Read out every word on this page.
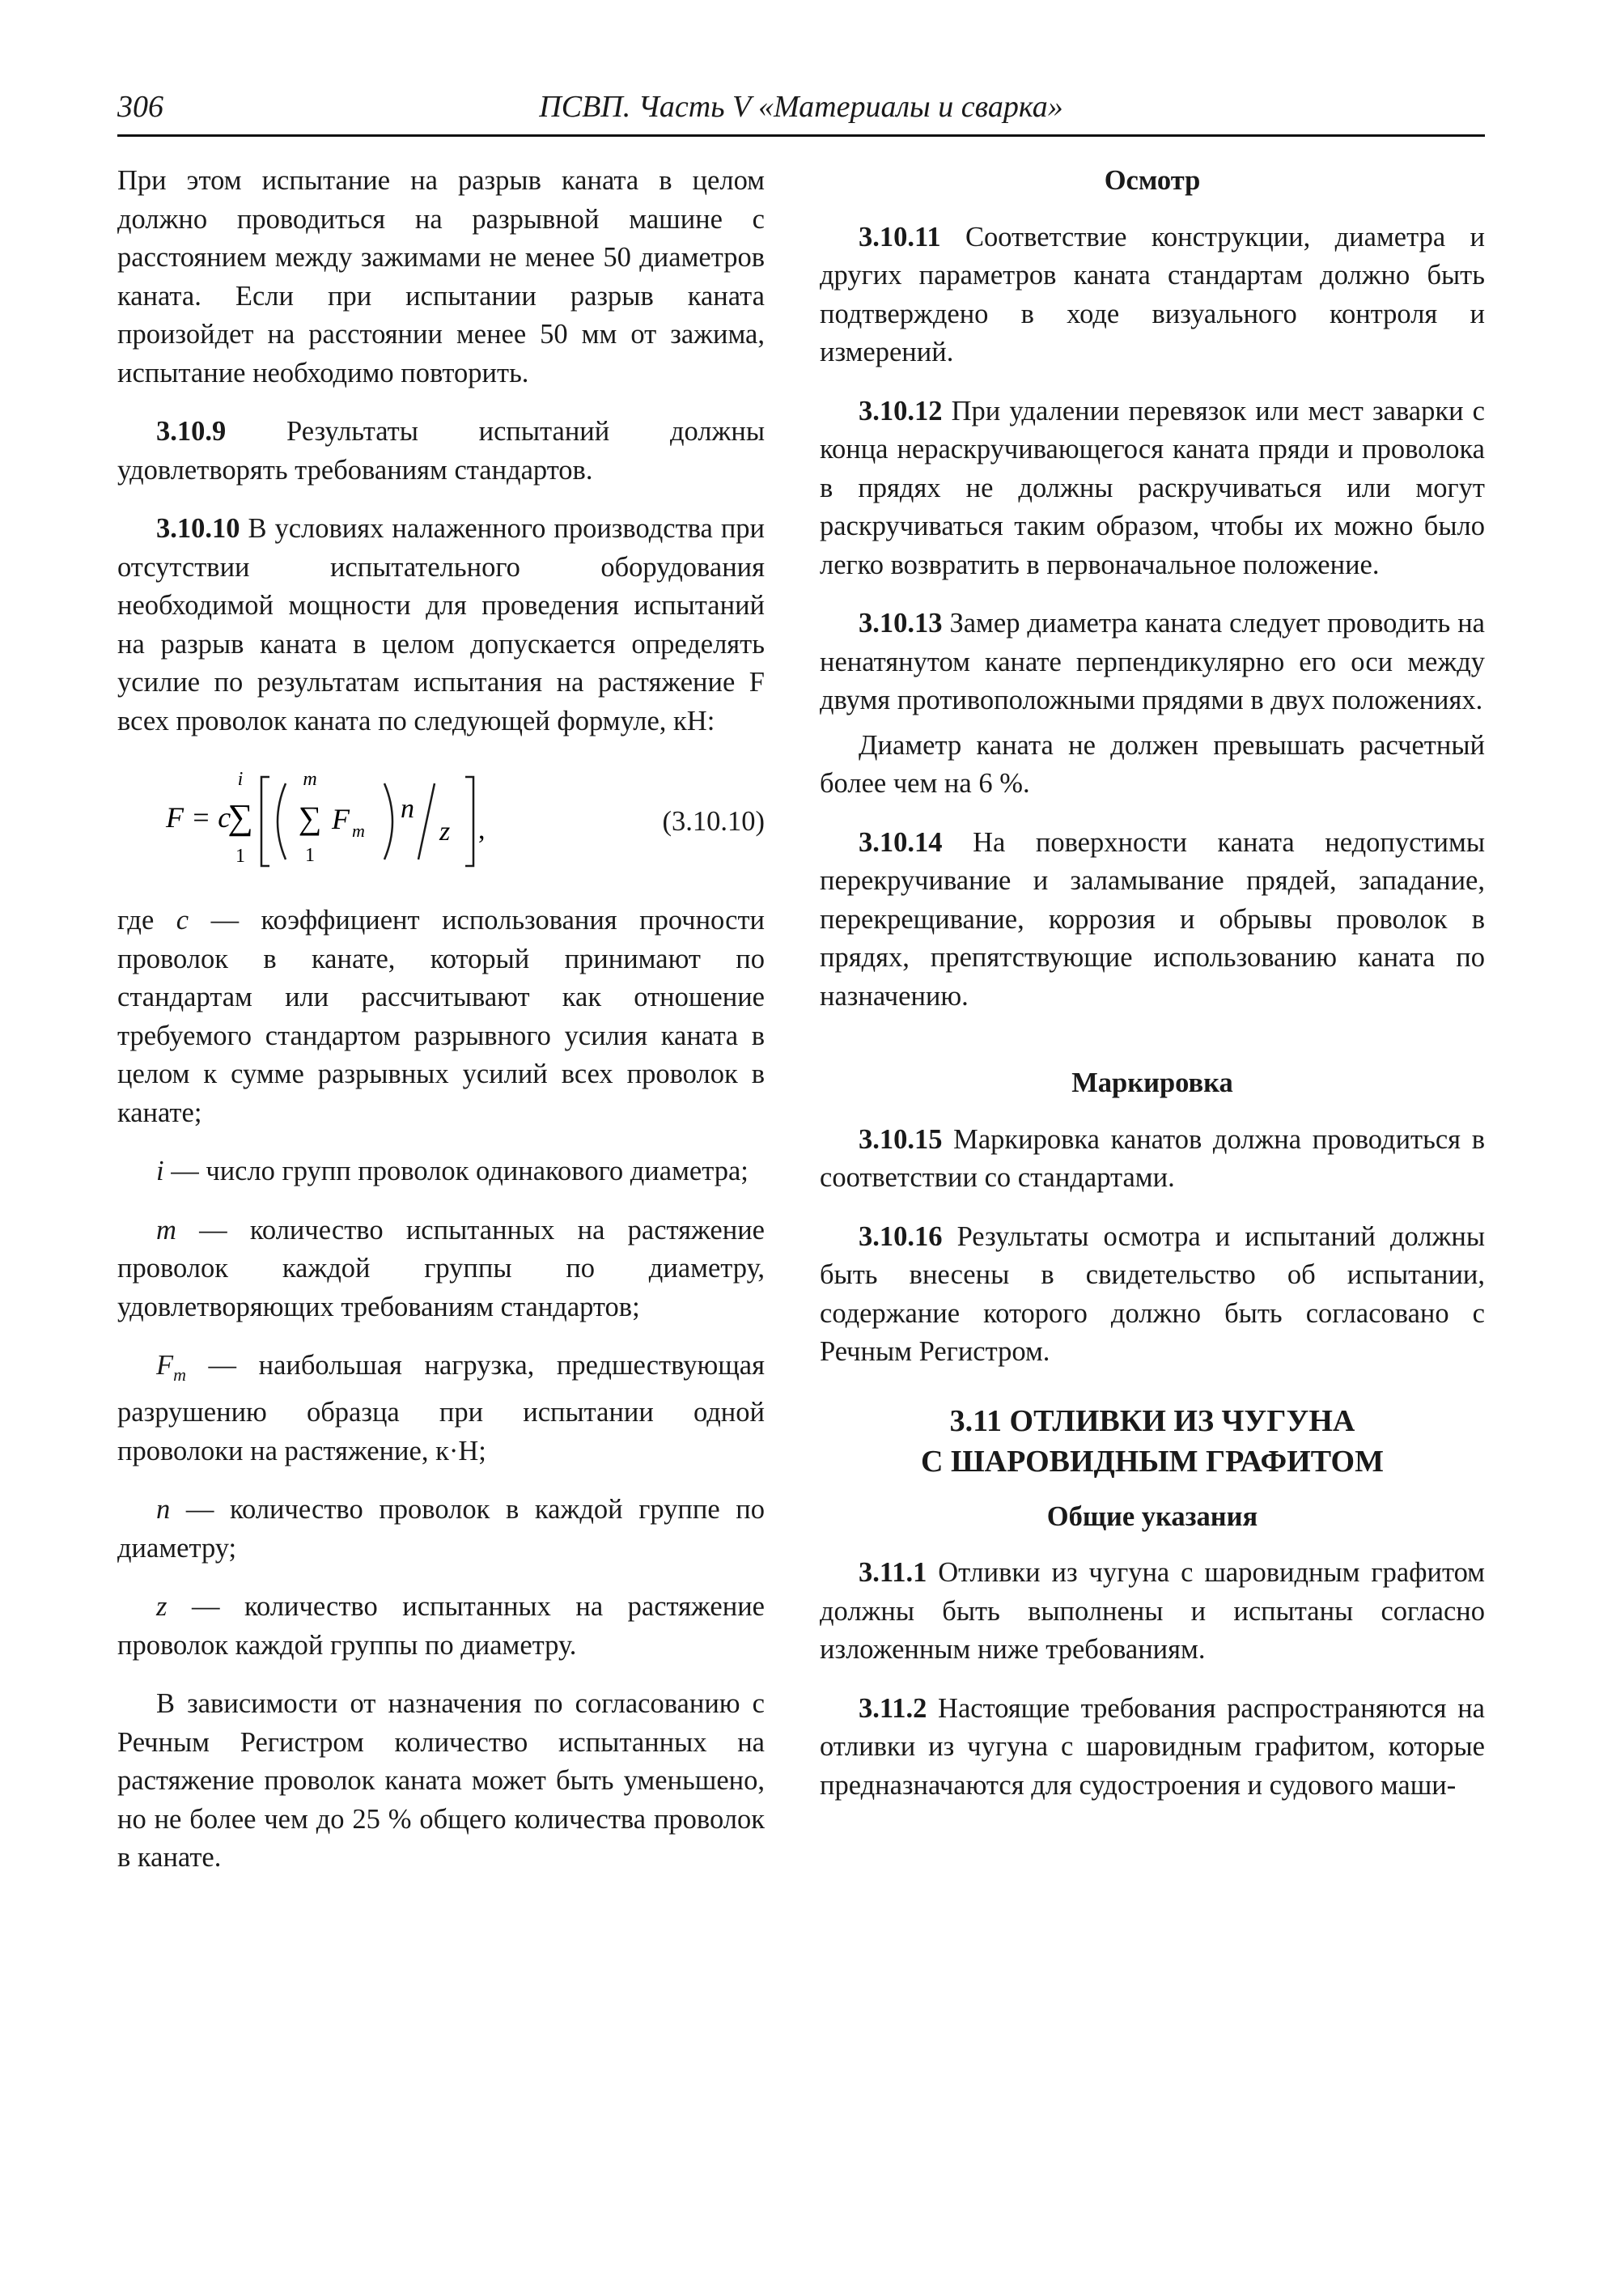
306	ПСВП. Часть V «Материалы и сварка»

При этом испытание на разрыв каната в целом должно проводиться на разрывной машине с расстоянием между зажимами не менее 50 диаметров каната. Если при испытании разрыв каната произойдет на расстоянии менее 50 мм от зажима, испытание необходимо повторить.

3.10.9 Результаты испытаний должны удовлетворять требованиям стандартов.

3.10.10 В условиях налаженного производства при отсутствии испытательного оборудования необходимой мощности для проведения испытаний на разрыв каната в целом допускается определять усилие по результатам испытания на растяжение F всех проволок каната по следующей формуле, кН:

F = c
i
∑
1
m
∑
1
F m
n
z ,	(3.10.10)

где c — коэффициент использования прочности проволок в канате, который принимают по стандартам или рассчитывают как отношение требуемого стандартом разрывного усилия каната в целом к сумме разрывных усилий всех проволок в канате;

i — число групп проволок одинакового диаметра;

m — количество испытанных на растяжение проволок каждой группы по диаметру, удовлетворяющих требованиям стандартов;

$F_m$ — наибольшая нагрузка, предшествующая разрушению образца при испытании одной проволоки на растяжение, к·Н;

n — количество проволок в каждой группе по диаметру;

z — количество испытанных на растяжение проволок каждой группы по диаметру.

В зависимости от назначения по согласованию с Речным Регистром количество испытанных на растяжение проволок каната может быть уменьшено, но не более чем до 25 % общего количества проволок в канате.

Осмотр

3.10.11 Соответствие конструкции, диаметра и других параметров каната стандартам должно быть подтверждено в ходе визуального контроля и измерений.

3.10.12 При удалении перевязок или мест заварки с конца нераскручивающегося каната пряди и проволока в прядях не должны раскручиваться или могут раскручиваться таким образом, чтобы их можно было легко возвратить в первоначальное положение.

3.10.13 Замер диаметра каната следует проводить на ненатянутом канате перпендикулярно его оси между двумя противоположными прядями в двух положениях.

Диаметр каната не должен превышать расчетный более чем на 6 %.

3.10.14 На поверхности каната недопустимы перекручивание и заламывание прядей, западание, перекрещивание, коррозия и обрывы проволок в прядях, препятствующие использованию каната по назначению.

Маркировка

3.10.15 Маркировка канатов должна проводиться в соответствии со стандартами.

3.10.16 Результаты осмотра и испытаний должны быть внесены в свидетельство об испытании, содержание которого должно быть согласовано с Речным Регистром.

3.11 ОТЛИВКИ ИЗ ЧУГУНА
С ШАРОВИДНЫМ ГРАФИТОМ
Общие указания

3.11.1 Отливки из чугуна с шаровидным графитом должны быть выполнены и испытаны согласно изложенным ниже требованиям.

3.11.2 Настоящие требования распространяются на отливки из чугуна с шаровидным графитом, которые предназначаются для судостроения и судового маши-
